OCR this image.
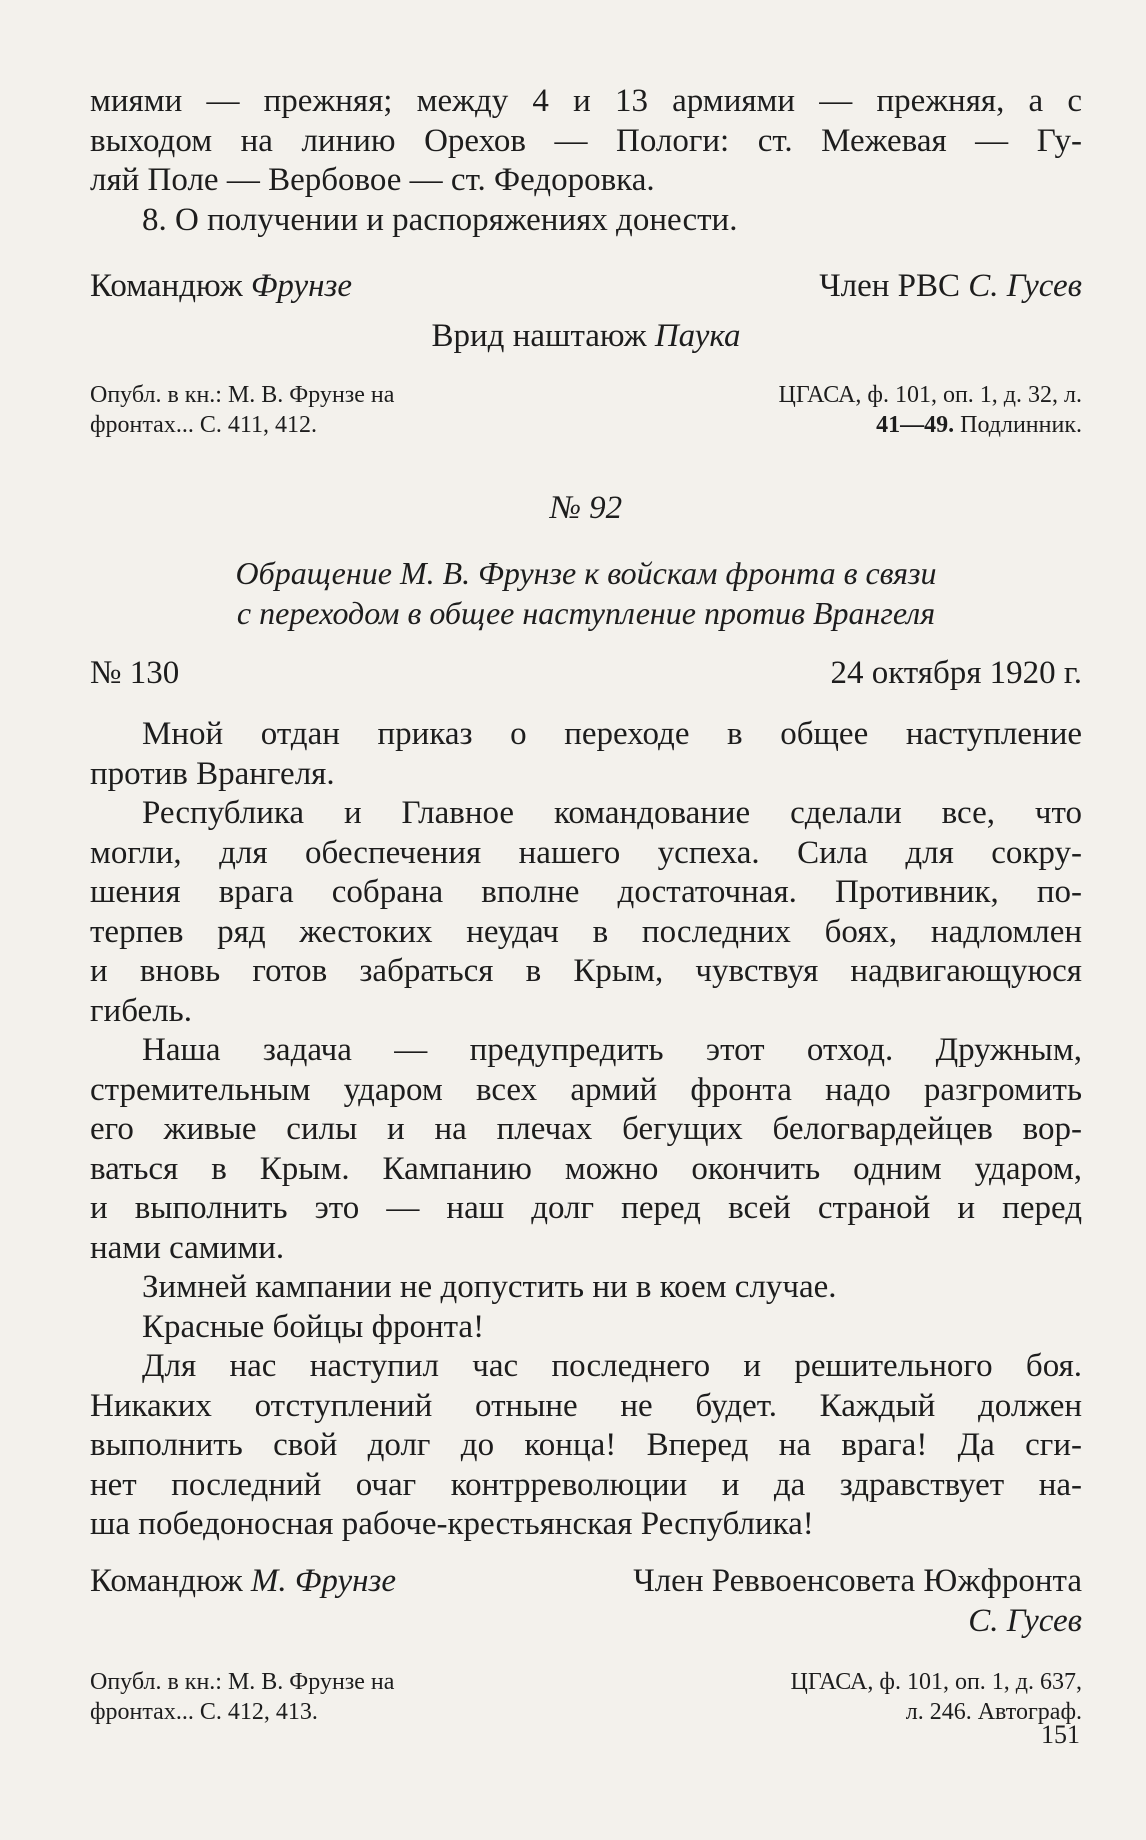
миями — прежняя; между 4 и 13 армиями — прежняя, а с
выходом на линию Орехов — Пологи: ст. Межевая — Гу-
ляй Поле — Вербовое — ст. Федоровка.
8. О получении и распоряжениях донести.
Командюж Фрунзе	Член РВС С. Гусев
Врид наштаюж Паука
Опубл. в кн.: М. В. Фрунзе на
фронтах... С. 411, 412.
ЦГАСА, ф. 101, оп. 1, д. 32, л.
41—49. Подлинник.
№ 92
Обращение М. В. Фрунзе к войскам фронта в связи
с переходом в общее наступление против Врангеля
№ 130	24 октября 1920 г.
Мной отдан приказ о переходе в общее наступление
против Врангеля.
Республика и Главное командование сделали все, что
могли, для обеспечения нашего успеха. Сила для сокру-
шения врага собрана вполне достаточная. Противник, по-
терпев ряд жестоких неудач в последних боях, надломлен
и вновь готов забраться в Крым, чувствуя надвигающуюся
гибель.
Наша задача — предупредить этот отход. Дружным,
стремительным ударом всех армий фронта надо разгромить
его живые силы и на плечах бегущих белогвардейцев вор-
ваться в Крым. Кампанию можно окончить одним ударом,
и выполнить это — наш долг перед всей страной и перед
нами самими.
Зимней кампании не допустить ни в коем случае.
Красные бойцы фронта!
Для нас наступил час последнего и решительного боя.
Никаких отступлений отныне не будет. Каждый должен
выполнить свой долг до конца! Вперед на врага! Да сги-
нет последний очаг контрреволюции и да здравствует на-
ша победоносная рабоче-крестьянская Республика!
Командюж М. Фрунзе	Член Реввоенсовета Южфронта
С. Гусев
Опубл. в кн.: М. В. Фрунзе на
фронтах... С. 412, 413.
ЦГАСА, ф. 101, оп. 1, д. 637,
л. 246. Автограф.
151
